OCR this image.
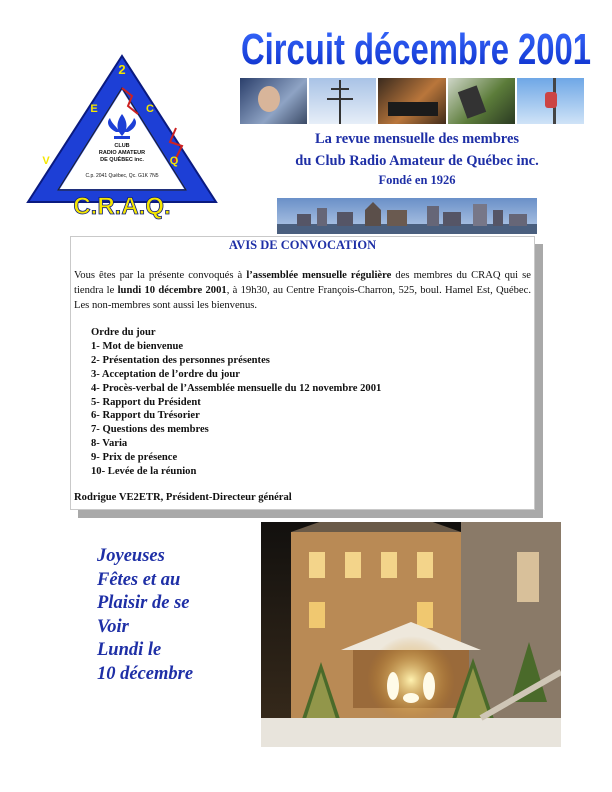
Circuit décembre 2001
2
E	C
V	Q
CLUB
RADIO AMATEUR
DE QUÉBEC inc.
C.p. 2041 Québec, Qc. G1K 7N5
C.R.A.Q.
La revue mensuelle des membres
du Club Radio Amateur de Québec inc.
Fondé en 1926
AVIS DE CONVOCATION
Vous êtes par la présente convoqués à l’assemblée mensuelle régulière des membres du CRAQ qui se tiendra le lundi 10 décembre 2001, à 19h30, au Centre François-Charron, 525, boul. Hamel Est, Québec. Les non-membres sont aussi les bienvenus.
Ordre du jour
1- Mot de bienvenue
2- Présentation des personnes présentes
3- Acceptation de l’ordre du jour
4- Procès-verbal de l’Assemblée mensuelle du 12 novembre 2001
5- Rapport du Président
6- Rapport du Trésorier
7- Questions des membres
8- Varia
9- Prix de présence
10- Levée de la réunion
Rodrigue VE2ETR, Président-Directeur général
Joyeuses
Fêtes et au
Plaisir de se
Voir
Lundi le
10 décembre
